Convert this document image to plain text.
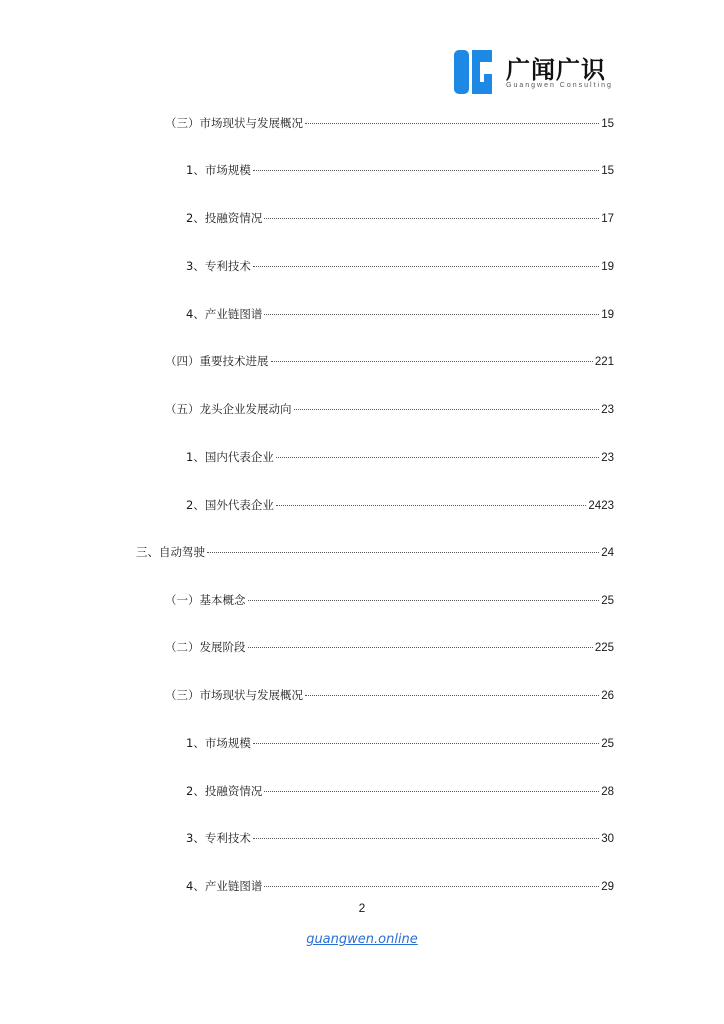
广闻广识
Guangwen Consulting
（三）市场现状与发展概况	15
1、市场规模	15
2、投融资情况	17
3、专利技术	19
4、产业链图谱	19
（四）重要技术进展	221
（五）龙头企业发展动向	23
1、国内代表企业	23
2、国外代表企业	2423
三、自动驾驶	24
（一）基本概念	25
（二）发展阶段	225
（三）市场现状与发展概况	26
1、市场规模	25
2、投融资情况	28
3、专利技术	30
4、产业链图谱	29
2
guangwen.online
